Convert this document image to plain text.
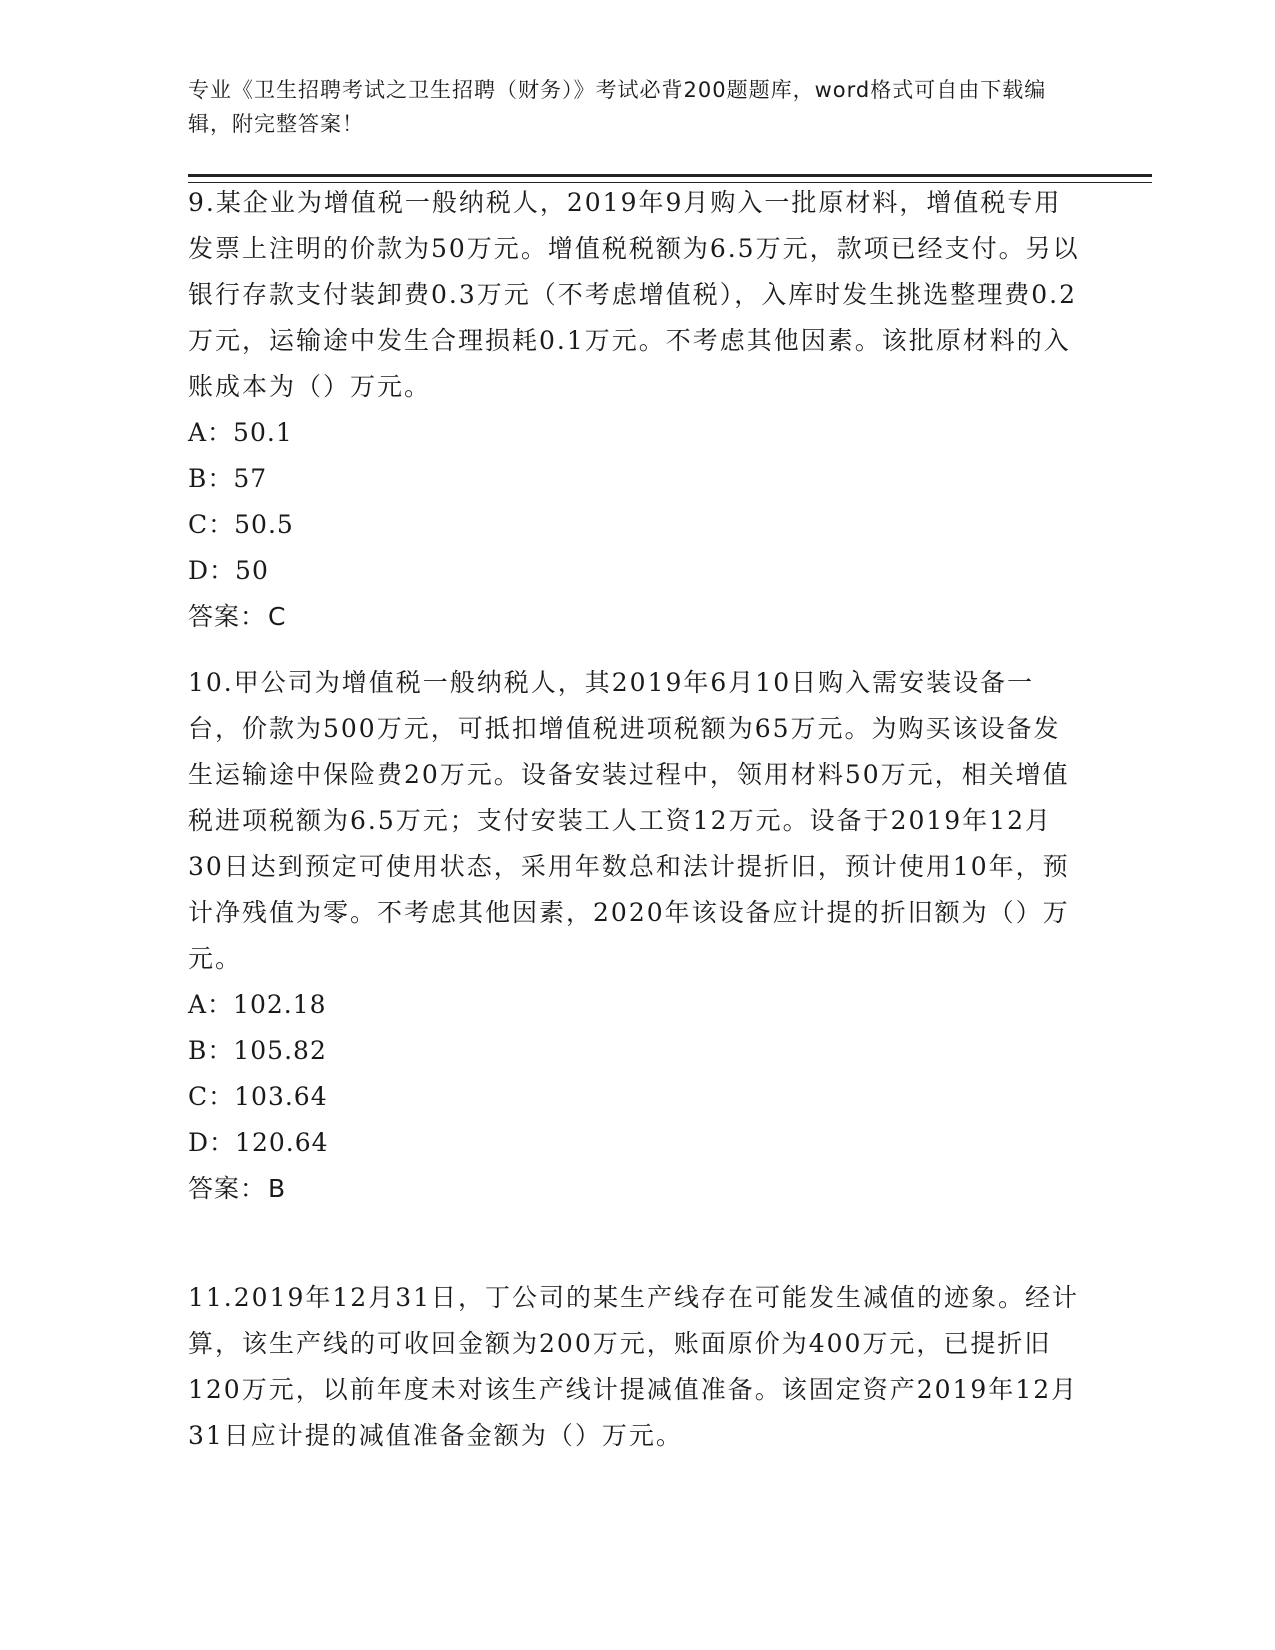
专业《卫生招聘考试之卫生招聘（财务）》考试必背200题题库，word格式可自由下载编辑，附完整答案！

9.某企业为增值税一般纳税人，2019年9月购入一批原材料，增值税专用发票上注明的价款为50万元。增值税税额为6.5万元，款项已经支付。另以银行存款支付装卸费0.3万元（不考虑增值税），入库时发生挑选整理费0.2万元，运输途中发生合理损耗0.1万元。不考虑其他因素。该批原材料的入账成本为（）万元。

A：50.1

B：57

C：50.5

D：50

答案：C

10.甲公司为增值税一般纳税人，其2019年6月10日购入需安装设备一台，价款为500万元，可抵扣增值税进项税额为65万元。为购买该设备发生运输途中保险费20万元。设备安装过程中，领用材料50万元，相关增值税进项税额为6.5万元；支付安装工人工资12万元。设备于2019年12月30日达到预定可使用状态，采用年数总和法计提折旧，预计使用10年，预计净残值为零。不考虑其他因素，2020年该设备应计提的折旧额为（）万元。

A：102.18

B：105.82

C：103.64

D：120.64

答案：B

11.2019年12月31日，丁公司的某生产线存在可能发生减值的迹象。经计算，该生产线的可收回金额为200万元，账面原价为400万元，已提折旧120万元，以前年度未对该生产线计提减值准备。该固定资产2019年12月31日应计提的减值准备金额为（）万元。
